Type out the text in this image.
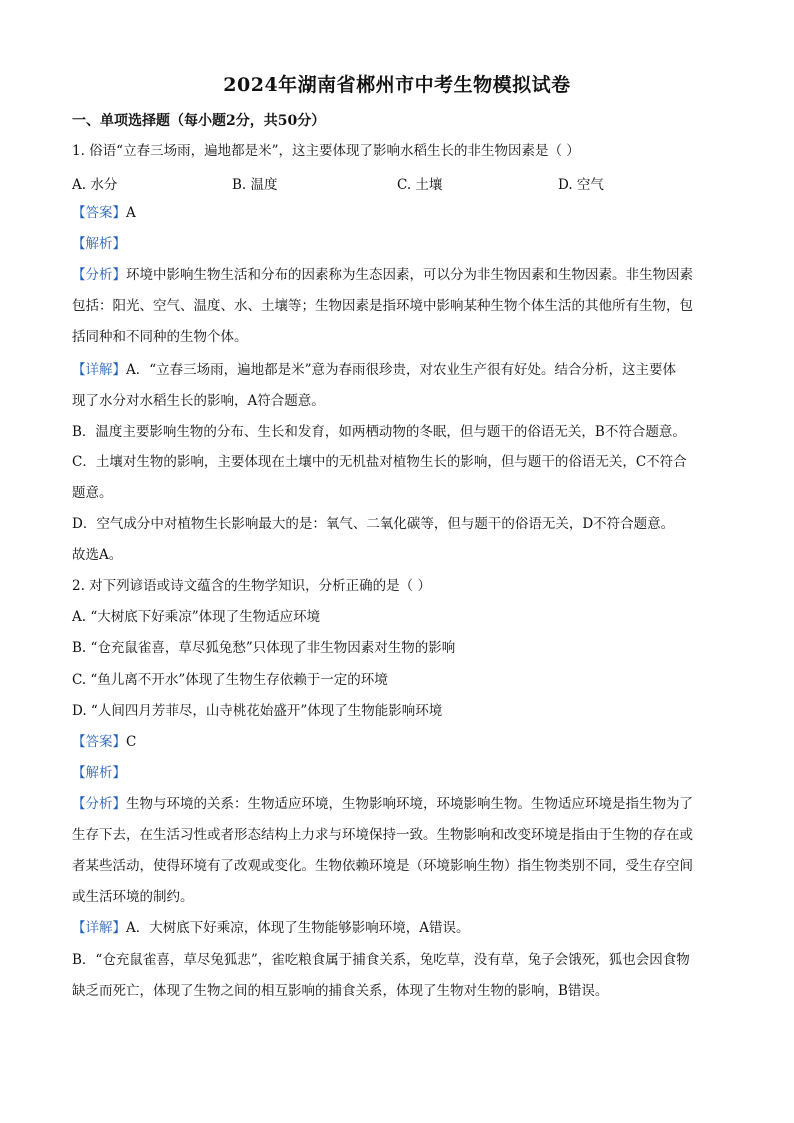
2024年湖南省郴州市中考生物模拟试卷
一、单项选择题（每小题2分，共50分）
1. 俗语“立春三场雨，遍地都是米”，这主要体现了影响水稻生长的非生物因素是（ ）
A. 水分	B. 温度	C. 土壤	D. 空气
【答案】A
【解析】
【分析】环境中影响生物生活和分布的因素称为生态因素，可以分为非生物因素和生物因素。非生物因素
包括：阳光、空气、温度、水、土壤等；生物因素是指环境中影响某种生物个体生活的其他所有生物，包
括同种和不同种的生物个体。
【详解】A．“立春三场雨，遍地都是米”意为春雨很珍贵，对农业生产很有好处。结合分析，这主要体
现了水分对水稻生长的影响，A符合题意。
B．温度主要影响生物的分布、生长和发育，如两栖动物的冬眠，但与题干的俗语无关，B不符合题意。
C．土壤对生物的影响，主要体现在土壤中的无机盐对植物生长的影响，但与题干的俗语无关，C不符合
题意。
D．空气成分中对植物生长影响最大的是：氧气、二氧化碳等，但与题干的俗语无关，D不符合题意。
故选A。
2. 对下列谚语或诗文蕴含的生物学知识，分析正确的是（ ）
A. “大树底下好乘凉”体现了生物适应环境
B. “仓充鼠雀喜，草尽狐兔愁”只体现了非生物因素对生物的影响
C. “鱼儿离不开水”体现了生物生存依赖于一定的环境
D. “人间四月芳菲尽，山寺桃花始盛开”体现了生物能影响环境
【答案】C
【解析】
【分析】生物与环境的关系：生物适应环境，生物影响环境，环境影响生物。生物适应环境是指生物为了
生存下去，在生活习性或者形态结构上力求与环境保持一致。生物影响和改变环境是指由于生物的存在或
者某些活动，使得环境有了改观或变化。生物依赖环境是（环境影响生物）指生物类别不同，受生存空间
或生活环境的制约。
【详解】A．大树底下好乘凉，体现了生物能够影响环境，A错误。
B．“仓充鼠雀喜，草尽兔狐悲”，雀吃粮食属于捕食关系，兔吃草，没有草，兔子会饿死，狐也会因食物
缺乏而死亡，体现了生物之间的相互影响的捕食关系，体现了生物对生物的影响，B错误。
